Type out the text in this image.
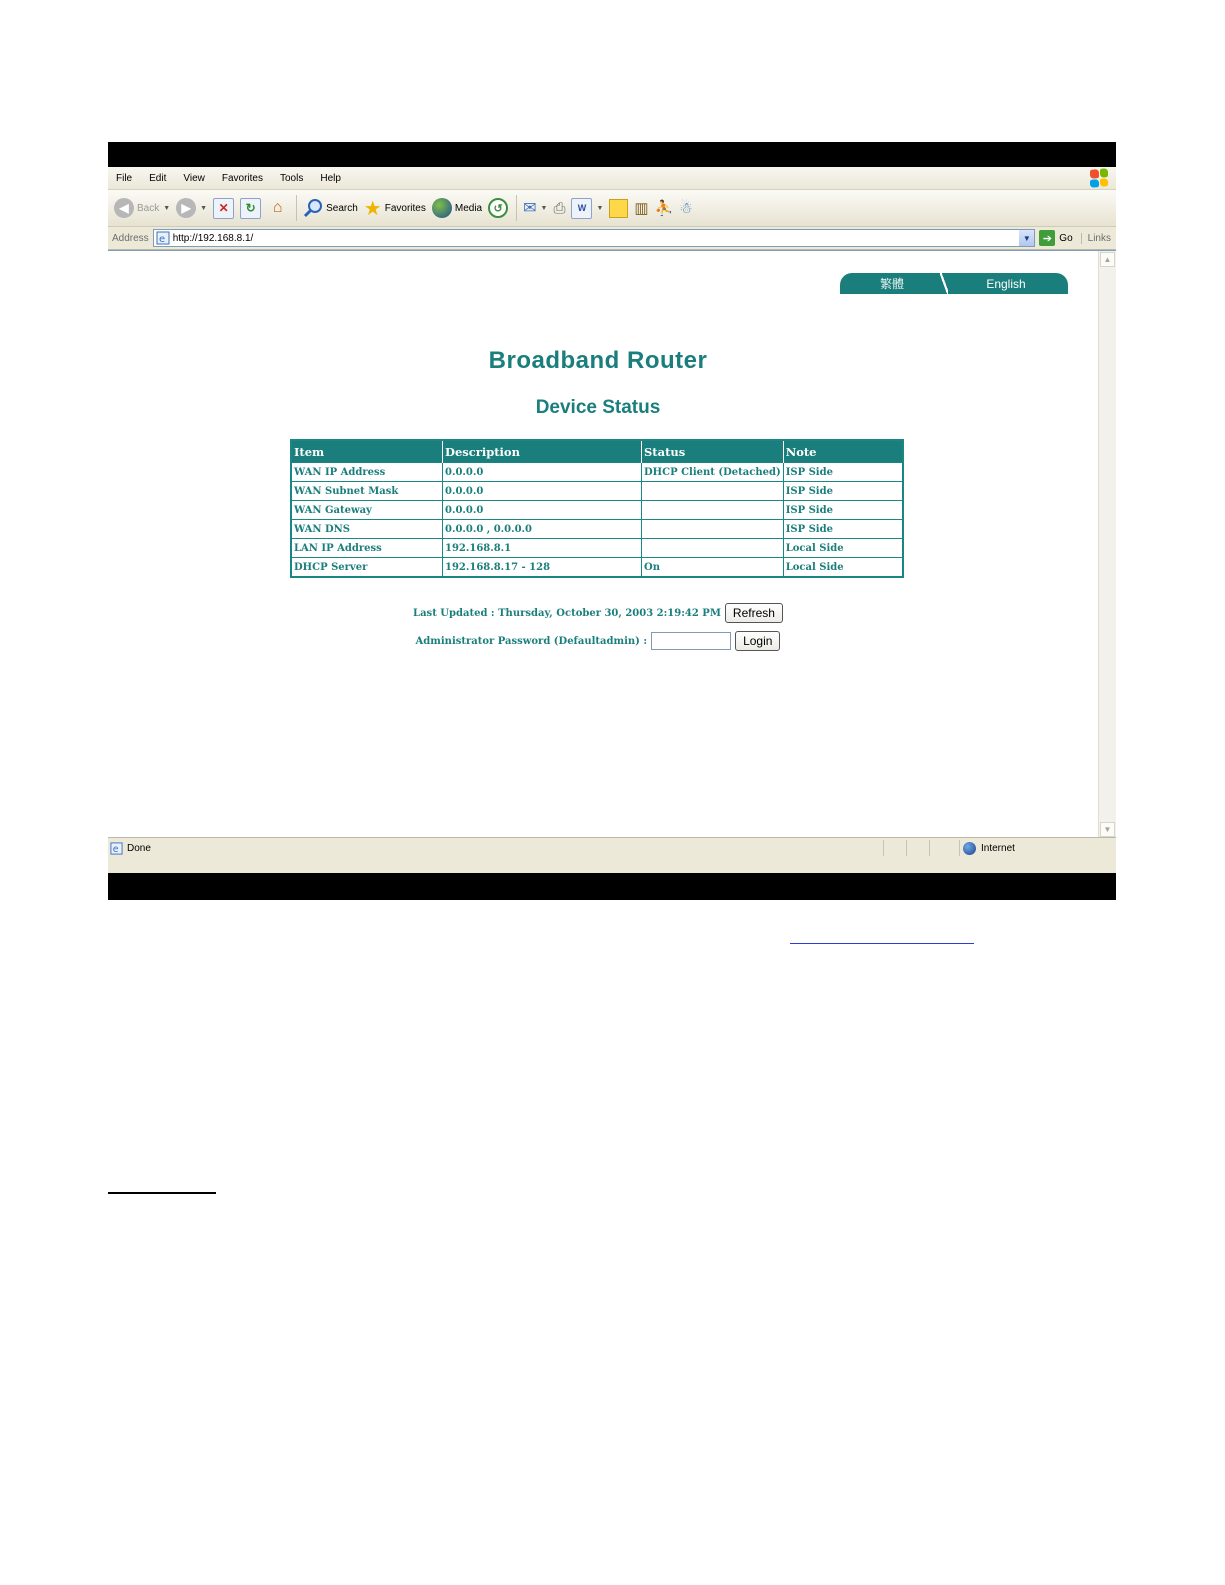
File	Edit	View	Favorites	Tools	Help
◀ Back ▼ ▶	▼ ✕	↻	⌂	Search ★ Favorites	Media	↺	✉ ▼ ⎙	W	▼ ▥ ⛹ ☃
Address	e http://192.168.8.1/	▼	➔ Go	Links
繁體	English
Broadband Router
Device Status
Item	Description	Status	Note
WAN IP Address	0.0.0.0	DHCP Client (Detached)	ISP Side
WAN Subnet Mask	0.0.0.0		ISP Side
WAN Gateway	0.0.0.0		ISP Side
WAN DNS	0.0.0.0 , 0.0.0.0		ISP Side
LAN IP Address	192.168.8.1		Local Side
DHCP Server	192.168.8.17 - 128	On	Local Side
Last Updated : Thursday, October 30, 2003 2:19:42 PM	Refresh
Administrator Password (Defaultadmin) :	Login
▲
▼
e Done	Internet
